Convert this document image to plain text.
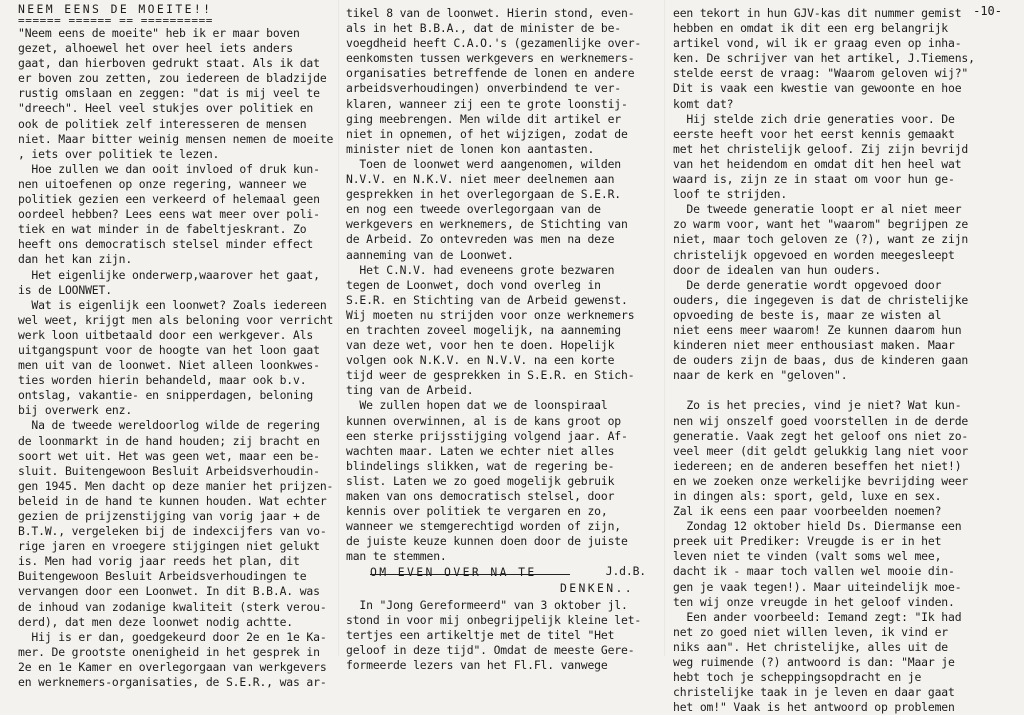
-10-
NEEM EENS DE MOEITE!!
====== ====== == ==========
"Neem eens de moeite" heb ik er maar boven
gezet, alhoewel het over heel iets anders
gaat, dan hierboven gedrukt staat. Als ik dat
er boven zou zetten, zou iedereen de bladzijde
rustig omslaan en zeggen: "dat is mij veel te
"dreech". Heel veel stukjes over politiek en
ook de politiek zelf interesseren de mensen
niet. Maar bitter weinig mensen nemen de moeite
, iets over politiek te lezen.
Hoe zullen we dan ooit invloed of druk kun-
nen uitoefenen op onze regering, wanneer we
politiek gezien een verkeerd of helemaal geen
oordeel hebben? Lees eens wat meer over poli-
tiek en wat minder in de fabeltjeskrant. Zo
heeft ons democratisch stelsel minder effect
dan het kan zijn.
Het eigenlijke onderwerp,waarover het gaat,
is de LOONWET.
Wat is eigenlijk een loonwet? Zoals iedereen
wel weet, krijgt men als beloning voor verricht
werk loon uitbetaald door een werkgever. Als
uitgangspunt voor de hoogte van het loon gaat
men uit van de loonwet. Niet alleen loonkwes-
ties worden hierin behandeld, maar ook b.v.
ontslag, vakantie- en snipperdagen, beloning
bij overwerk enz.
Na de tweede wereldoorlog wilde de regering
de loonmarkt in de hand houden; zij bracht en
soort wet uit. Het was geen wet, maar een be-
sluit. Buitengewoon Besluit Arbeidsverhoudin-
gen 1945. Men dacht op deze manier het prijzen-
beleid in de hand te kunnen houden. Wat echter
gezien de prijzenstijging van vorig jaar + de
B.T.W., vergeleken bij de indexcijfers van vo-
rige jaren en vroegere stijgingen niet gelukt
is. Men had vorig jaar reeds het plan, dit
Buitengewoon Besluit Arbeidsverhoudingen te
vervangen door een Loonwet. In dit B.B.A. was
de inhoud van zodanige kwaliteit (sterk verou-
derd), dat men deze loonwet nodig achtte.
Hij is er dan, goedgekeurd door 2e en 1e Ka-
mer. De grootste onenigheid in het gesprek in
2e en 1e Kamer en overlegorgaan van werkgevers
en werknemers-organisaties, de S.E.R., was ar-
tikel 8 van de loonwet. Hierin stond, even-
als in het B.B.A., dat de minister de be-
voegdheid heeft C.A.O.'s (gezamenlijke over-
eenkomsten tussen werkgevers en werknemers-
organisaties betreffende de lonen en andere
arbeidsverhoudingen) onverbindend te ver-
klaren, wanneer zij een te grote loonstij-
ging meebrengen. Men wilde dit artikel er
niet in opnemen, of het wijzigen, zodat de
minister niet de lonen kon aantasten.
Toen de loonwet werd aangenomen, wilden
N.V.V. en N.K.V. niet meer deelnemen aan
gesprekken in het overlegorgaan de S.E.R.
en nog een tweede overlegorgaan van de
werkgevers en werknemers, de Stichting van
de Arbeid. Zo ontevreden was men na deze
aanneming van de Loonwet.
Het C.N.V. had eveneens grote bezwaren
tegen de Loonwet, doch vond overleg in
S.E.R. en Stichting van de Arbeid gewenst.
Wij moeten nu strijden voor onze werknemers
en trachten zoveel mogelijk, na aanneming
van deze wet, voor hen te doen. Hopelijk
volgen ook N.K.V. en N.V.V. na een korte
tijd weer de gesprekken in S.E.R. en Stich-
ting van de Arbeid.
We zullen hopen dat we de loonspiraal
kunnen overwinnen, al is de kans groot op
een sterke prijsstijging volgend jaar. Af-
wachten maar. Laten we echter niet alles
blindelings slikken, wat de regering be-
slist. Laten we zo goed mogelijk gebruik
maken van ons democratisch stelsel, door
kennis over politiek te vergaren en zo,
wanneer we stemgerechtigd worden of zijn,
de juiste keuze kunnen doen door de juiste
man te stemmen.
J.d.B.
OM EVEN OVER NA TE
DENKEN..
In "Jong Gereformeerd" van 3 oktober jl.
stond in voor mij onbegrijpelijk kleine let-
tertjes een artikeltje met de titel "Het
geloof in deze tijd". Omdat de meeste Gere-
formeerde lezers van het Fl.Fl. vanwege
een tekort in hun GJV-kas dit nummer gemist
hebben en omdat ik dit een erg belangrijk
artikel vond, wil ik er graag even op inha-
ken. De schrijver van het artikel, J.Tiemens,
stelde eerst de vraag: "Waarom geloven wij?"
Dit is vaak een kwestie van gewoonte en hoe
komt dat?
Hij stelde zich drie generaties voor. De
eerste heeft voor het eerst kennis gemaakt
met het christelijk geloof. Zij zijn bevrijd
van het heidendom en omdat dit hen heel wat
waard is, zijn ze in staat om voor hun ge-
loof te strijden.
De tweede generatie loopt er al niet meer
zo warm voor, want het "waarom" begrijpen ze
niet, maar toch geloven ze (?), want ze zijn
christelijk opgevoed en worden meegesleept
door de idealen van hun ouders.
De derde generatie wordt opgevoed door
ouders, die ingegeven is dat de christelijke
opvoeding de beste is, maar ze wisten al
niet eens meer waarom! Ze kunnen daarom hun
kinderen niet meer enthousiast maken. Maar
de ouders zijn de baas, dus de kinderen gaan
naar de kerk en "geloven".

Zo is het precies, vind je niet? Wat kun-
nen wij onszelf goed voorstellen in de derde
generatie. Vaak zegt het geloof ons niet zo-
veel meer (dit geldt gelukkig lang niet voor
iedereen; en de anderen beseffen het niet!)
en we zoeken onze werkelijke bevrijding weer
in dingen als: sport, geld, luxe en sex.
Zal ik eens een paar voorbeelden noemen?
Zondag 12 oktober hield Ds. Diermanse een
preek uit Prediker: Vreugde is er in het
leven niet te vinden (valt soms wel mee,
dacht ik - maar toch vallen wel mooie din-
gen je vaak tegen!). Maar uiteindelijk moe-
ten wij onze vreugde in het geloof vinden.
Een ander voorbeeld: Iemand zegt: "Ik had
net zo goed niet willen leven, ik vind er
niks aan". Het christelijke, alles uit de
weg ruimende (?) antwoord is dan: "Maar je
hebt toch je scheppingsopdracht en je
christelijke taak in je leven en daar gaat
het om!" Vaak is het antwoord op problemen
